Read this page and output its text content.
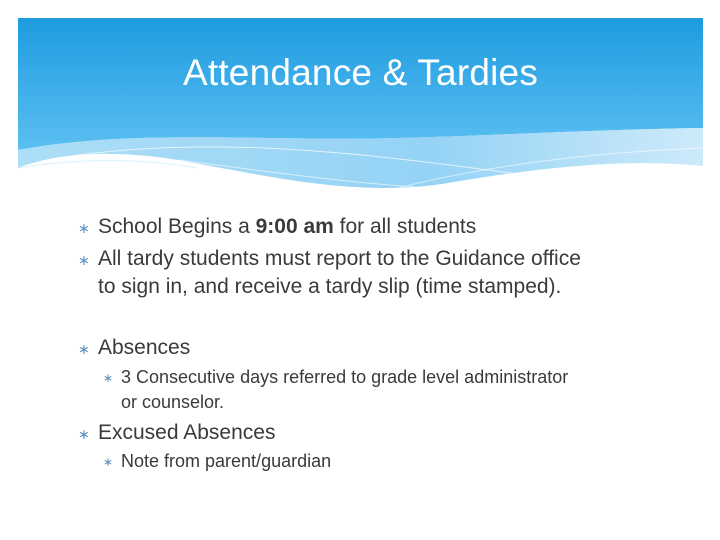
Attendance & Tardies
∗ School Begins a 9:00 am for all students
∗ All tardy students must report to the Guidance office
to sign in, and receive a tardy slip (time stamped).
∗ Absences
∗ 3 Consecutive days referred to grade level administrator
or counselor.
∗ Excused Absences
∗ Note from parent/guardian
